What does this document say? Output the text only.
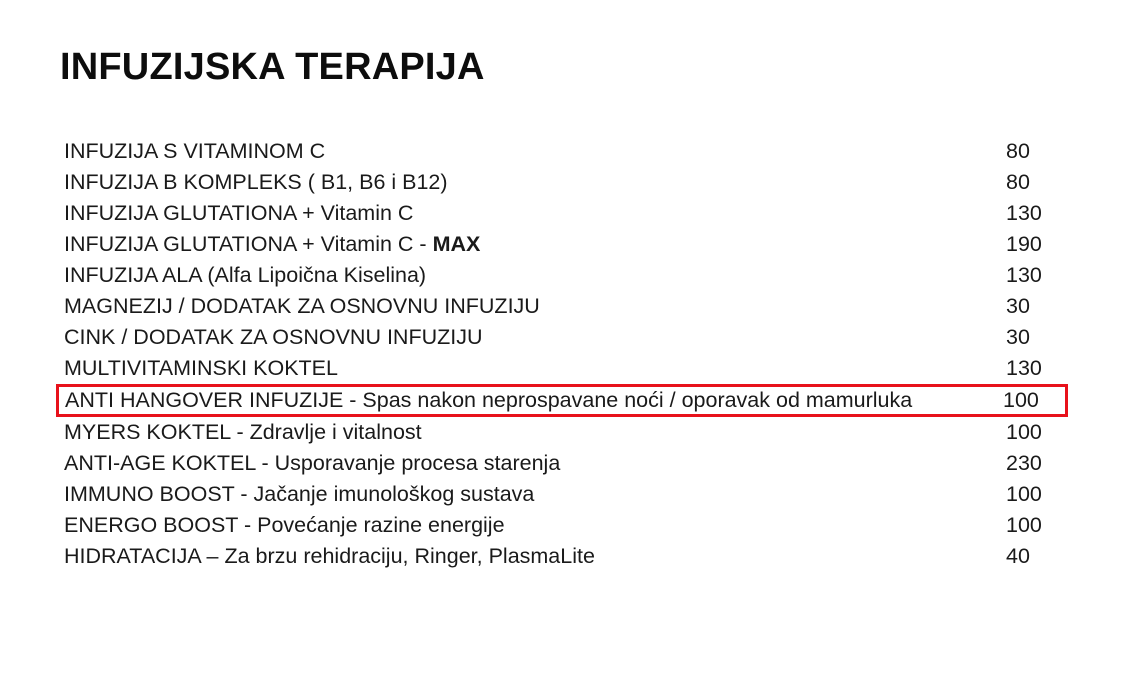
INFUZIJSKA TERAPIJA
INFUZIJA S VITAMINOM C	80
INFUZIJA B KOMPLEKS ( B1, B6 i B12)	80
INFUZIJA GLUTATIONA + Vitamin C	130
INFUZIJA GLUTATIONA + Vitamin C - MAX	190
INFUZIJA ALA (Alfa Lipoična Kiselina)	130
MAGNEZIJ / DODATAK ZA OSNOVNU INFUZIJU	30
CINK / DODATAK ZA OSNOVNU INFUZIJU	30
MULTIVITAMINSKI KOKTEL	130
ANTI HANGOVER INFUZIJE - Spas nakon neprospavane noći / oporavak od mamurluka	100
MYERS KOKTEL - Zdravlje i vitalnost	100
ANTI-AGE KOKTEL - Usporavanje procesa starenja	230
IMMUNO BOOST - Jačanje imunološkog sustava	100
ENERGO BOOST - Povećanje razine energije	100
HIDRATACIJA – Za brzu rehidraciju, Ringer, PlasmaLite	40
